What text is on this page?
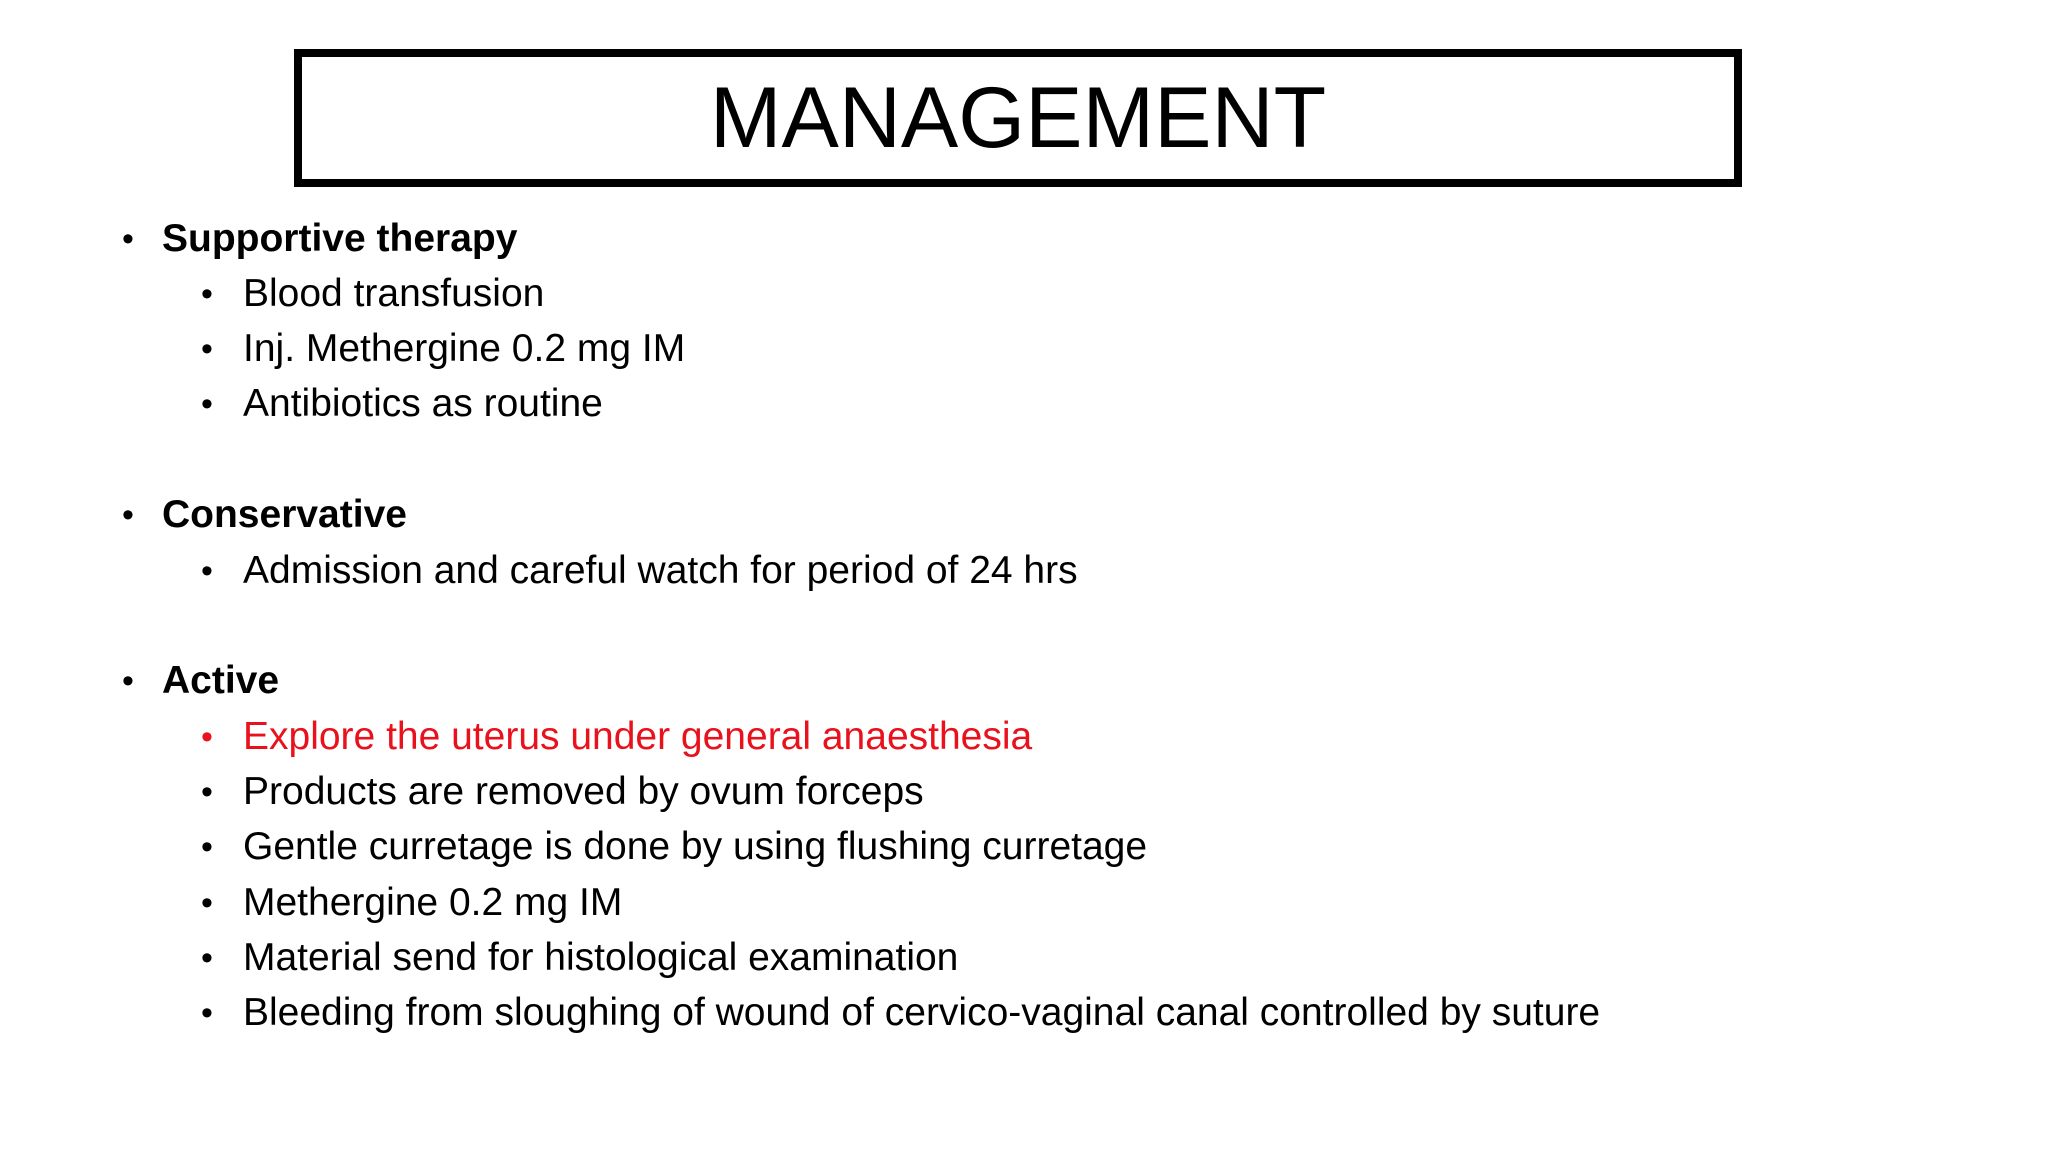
MANAGEMENT
• Supportive therapy
• Blood transfusion
• Inj. Methergine 0.2 mg IM
• Antibiotics as routine
• Conservative
• Admission and careful watch for period of 24 hrs
• Active
• Explore the uterus under general anaesthesia
• Products are removed by ovum forceps
• Gentle curretage is done by using flushing curretage
• Methergine 0.2 mg IM
• Material send for histological examination
• Bleeding from sloughing of wound of cervico-vaginal canal controlled by suture
